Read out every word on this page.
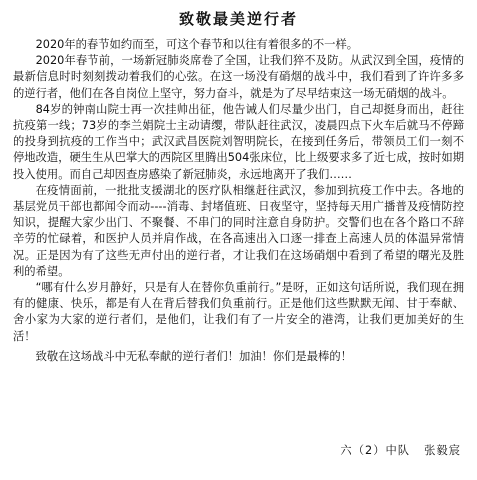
致敬最美逆行者

2020年的春节如约而至，可这个春节和以往有着很多的不一样。

2020年春节前，一场新冠肺炎席卷了全国，让我们猝不及防。从武汉到全国，疫情的最新信息时时刻刻拨动着我们的心弦。在这一场没有硝烟的战斗中，我们看到了许许多多的逆行者，他们在各自岗位上坚守，努力奋斗，就是为了尽早结束这一场无硝烟的战斗。

84岁的钟南山院士再一次挂帅出征，他告诫人们尽量少出门，自己却挺身而出，赶往抗疫第一线；73岁的李兰娟院士主动请缨，带队赶往武汉，凌晨四点下火车后就马不停蹄的投身到抗疫的工作当中；武汉武昌医院刘智明院长，在接到任务后，带领员工们一刻不停地改造，硬生生从巴掌大的西院区里腾出504张床位，比上级要求多了近七成，按时如期投入使用。而自己却因查房感染了新冠肺炎，永远地离开了我们……

在疫情面前，一批批支援湖北的医疗队相继赶往武汉，参加到抗疫工作中去。各地的基层党员干部也都闻令而动----消毒、封堵值班、日夜坚守，坚持每天用广播普及疫情防控知识，提醒大家少出门、不聚餐、不串门的同时注意自身防护。交警们也在各个路口不辞辛劳的忙碌着，和医护人员并肩作战，在各高速出入口逐一排查上高速人员的体温异常情况。正是因为有了这些无声付出的逆行者，才让我们在这场硝烟中看到了希望的曙光及胜利的希望。

“哪有什么岁月静好，只是有人在替你负重前行。”是呀，正如这句话所说，我们现在拥有的健康、快乐，都是有人在背后替我们负重前行。正是他们这些默默无闻、甘于奉献、舍小家为大家的逆行者们，是他们，让我们有了一片安全的港湾，让我们更加美好的生活！

致敬在这场战斗中无私奉献的逆行者们！加油！你们是最棒的！

六（2）中队 张毅宸
